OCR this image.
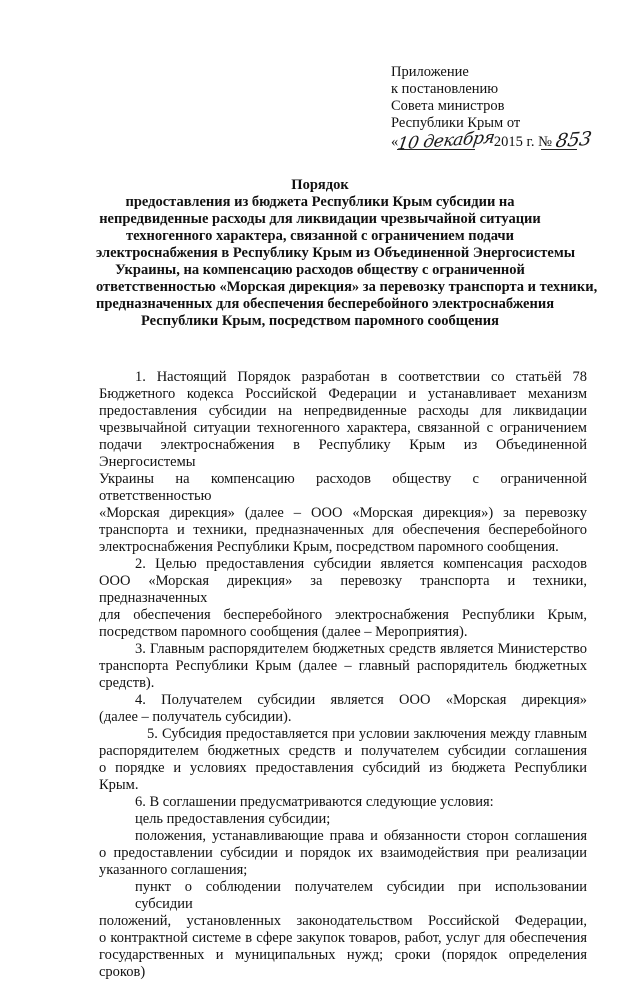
Приложение
к постановлению
Совета министров
Республики Крым от
«10 декабря2015 г. № 853
Порядок
предоставления из бюджета Республики Крым субсидии на
непредвиденные расходы для ликвидации чрезвычайной ситуации
техногенного характера, связанной с ограничением подачи
электроснабжения в Республику Крым из Объединенной Энергосистемы
Украины, на компенсацию расходов обществу с ограниченной
ответственностью «Морская дирекция» за перевозку транспорта и техники,
предназначенных для обеспечения бесперебойного электроснабжения
Республики Крым, посредством паромного сообщения
1. Настоящий Порядок разработан в соответствии со статьёй 78
Бюджетного кодекса Российской Федерации и устанавливает механизм
предоставления субсидии на непредвиденные расходы для ликвидации
чрезвычайной ситуации техногенного характера, связанной с ограничением
подачи электроснабжения в Республику Крым из Объединенной Энергосистемы
Украины на компенсацию расходов обществу с ограниченной ответственностью
«Морская дирекция» (далее – ООО «Морская дирекция») за перевозку
транспорта и техники, предназначенных для обеспечения бесперебойного
электроснабжения Республики Крым, посредством паромного сообщения.
2. Целью предоставления субсидии является компенсация расходов
ООО «Морская дирекция» за перевозку транспорта и техники, предназначенных
для обеспечения бесперебойного электроснабжения Республики Крым,
посредством паромного сообщения (далее – Мероприятия).
3. Главным распорядителем бюджетных средств является Министерство
транспорта Республики Крым (далее – главный распорядитель бюджетных
средств).
4. Получателем субсидии является ООО «Морская дирекция»
(далее – получатель субсидии).
5. Субсидия предоставляется при условии заключения между главным
распорядителем бюджетных средств и получателем субсидии соглашения
о порядке и условиях предоставления субсидий из бюджета Республики Крым.
6. В соглашении предусматриваются следующие условия:
цель предоставления субсидии;
положения, устанавливающие права и обязанности сторон соглашения
о предоставлении субсидии и порядок их взаимодействия при реализации
указанного соглашения;
пункт о соблюдении получателем субсидии при использовании субсидии
положений, установленных законодательством Российской Федерации,
о контрактной системе в сфере закупок товаров, работ, услуг для обеспечения
государственных и муниципальных нужд; сроки (порядок определения сроков)
